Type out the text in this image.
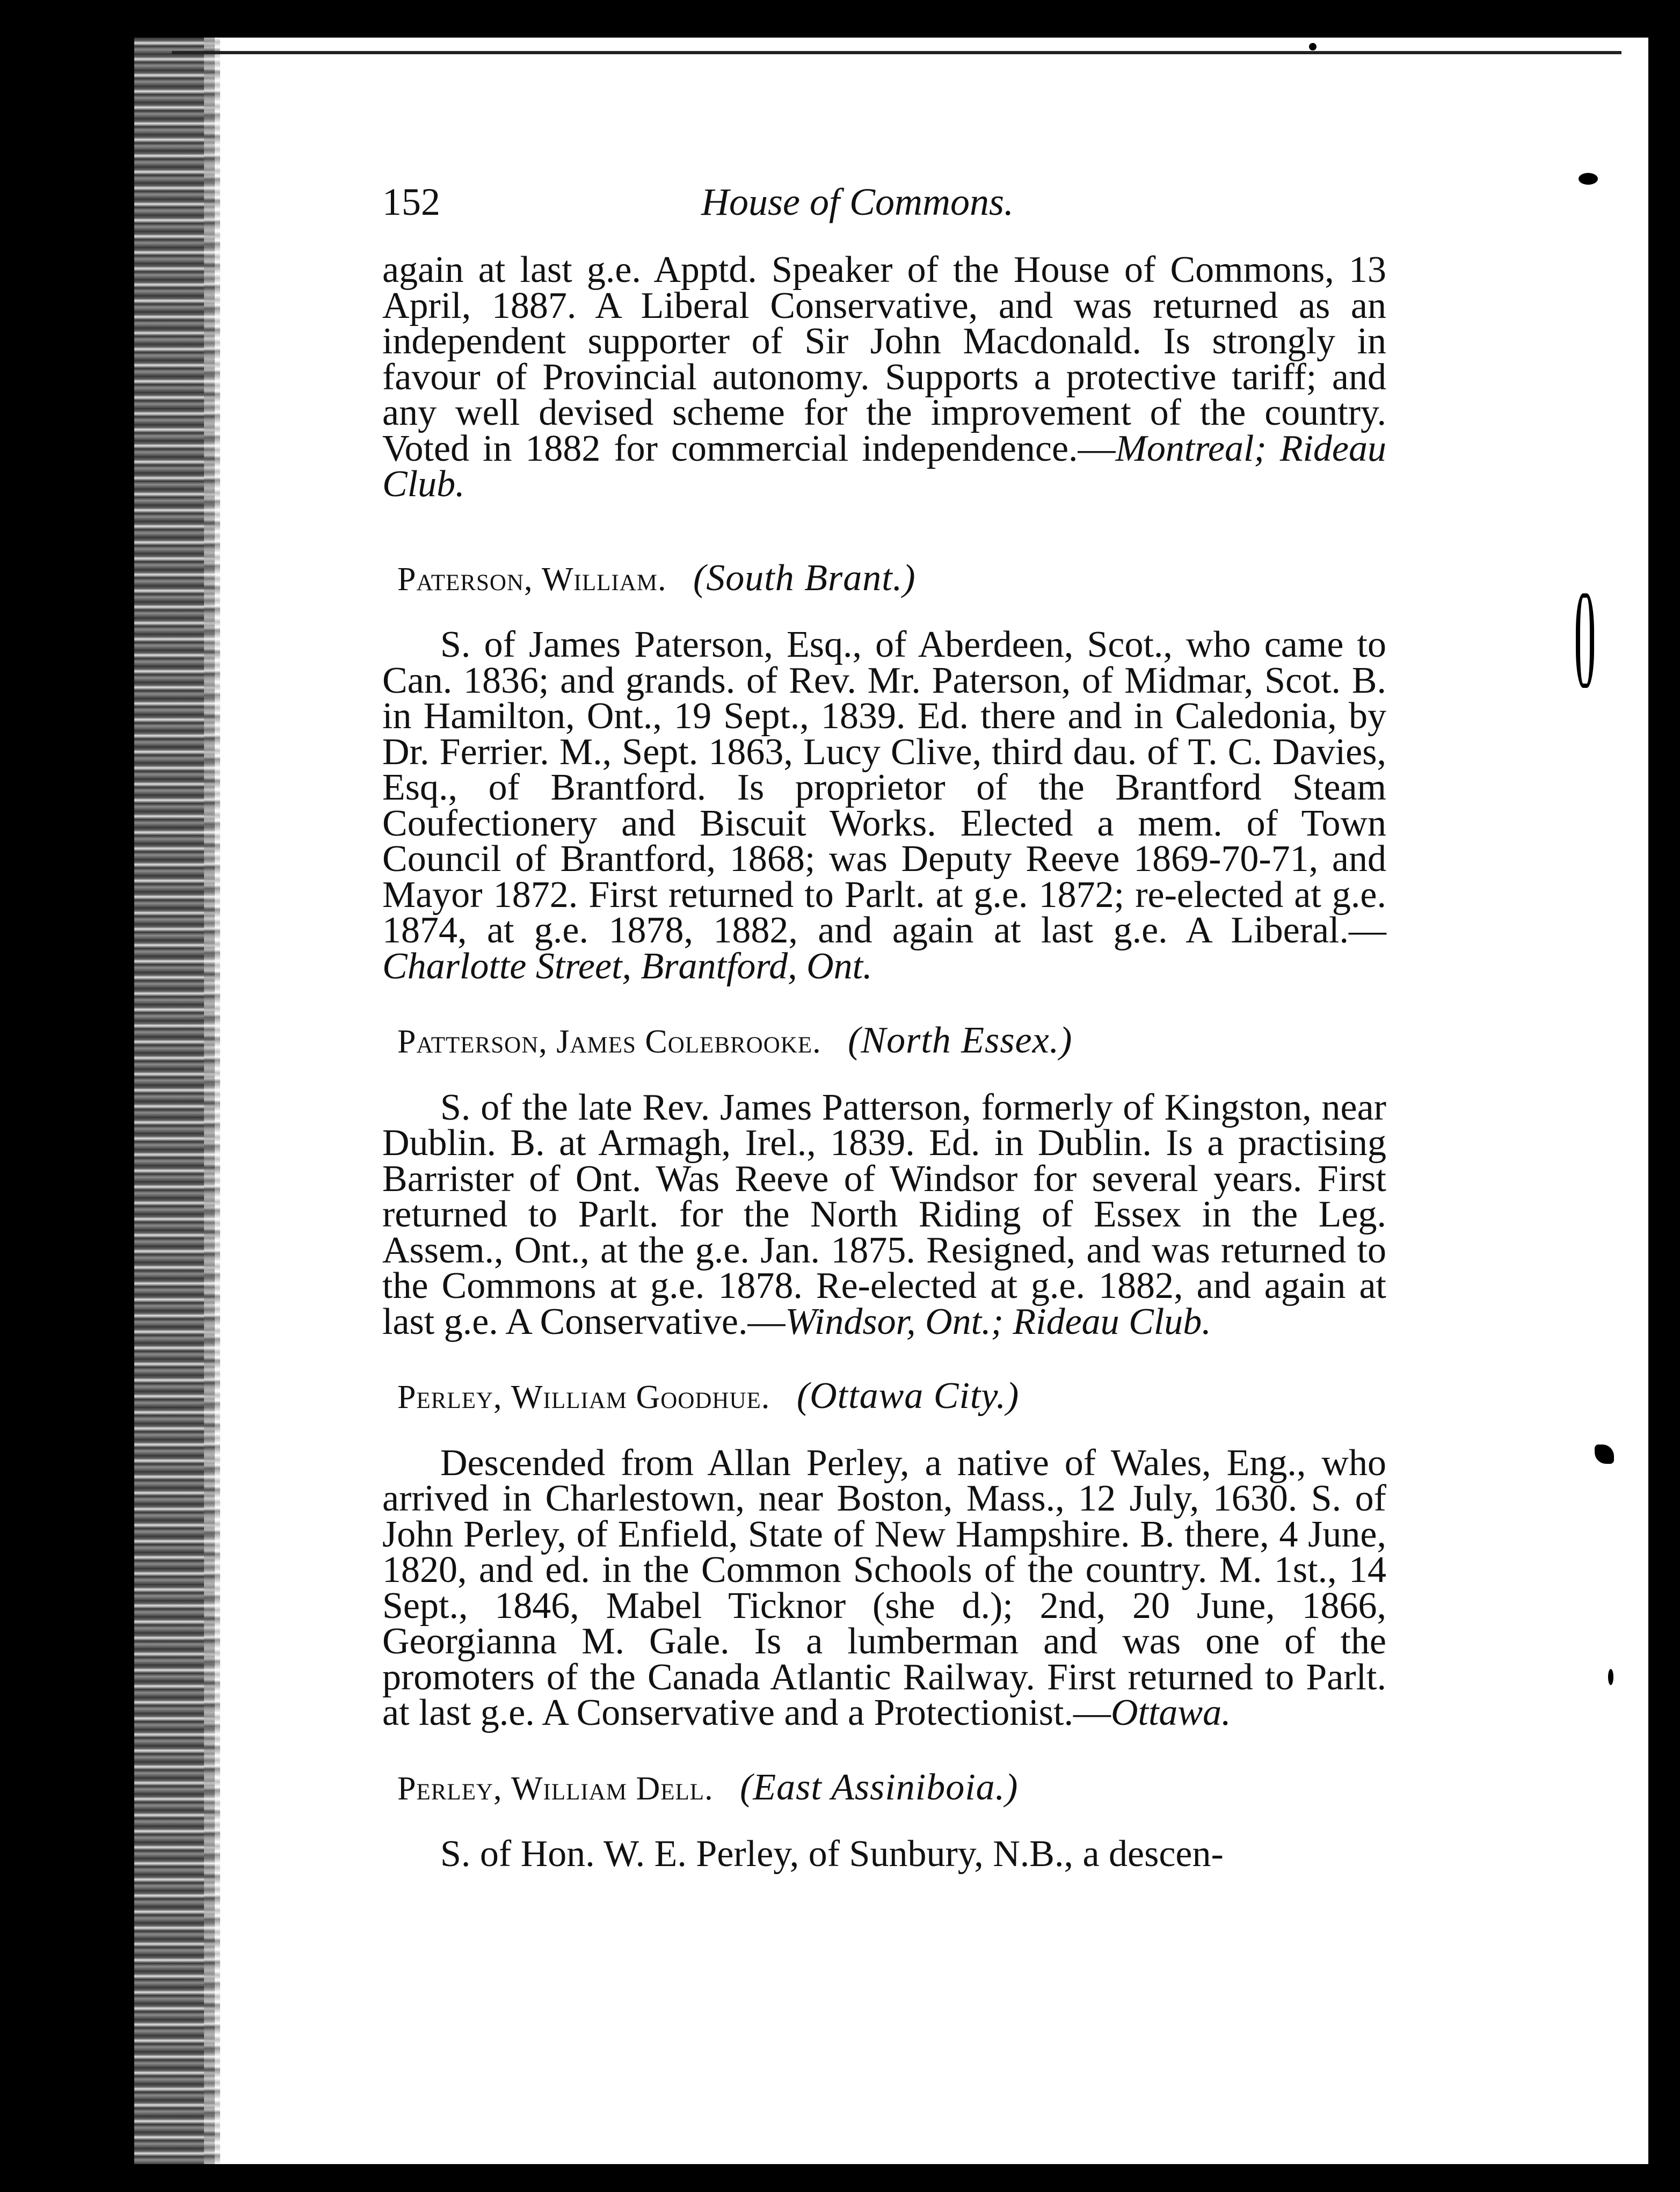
152	House of Commons.

again at last g.e. Apptd. Speaker of the House of Commons, 13 April, 1887. A Liberal Conservative, and was returned as an independent supporter of Sir John Macdonald. Is strongly in favour of Provincial autonomy. Supports a protective tariff; and any well devised scheme for the improvement of the country. Voted in 1882 for commercial independence.—Montreal; Rideau Club.

Paterson, William. (South Brant.)

S. of James Paterson, Esq., of Aberdeen, Scot., who came to Can. 1836; and grands. of Rev. Mr. Paterson, of Midmar, Scot. B. in Hamilton, Ont., 19 Sept., 1839. Ed. there and in Caledonia, by Dr. Ferrier. M., Sept. 1863, Lucy Clive, third dau. of T. C. Davies, Esq., of Brantford. Is proprietor of the Brantford Steam Coufectionery and Biscuit Works. Elected a mem. of Town Council of Brantford, 1868; was Deputy Reeve 1869-70-71, and Mayor 1872. First returned to Parlt. at g.e. 1872; re-elected at g.e. 1874, at g.e. 1878, 1882, and again at last g.e. A Liberal.—Charlotte Street, Brantford, Ont.

Patterson, James Colebrooke. (North Essex.)

S. of the late Rev. James Patterson, formerly of Kingston, near Dublin. B. at Armagh, Irel., 1839. Ed. in Dublin. Is a practising Barrister of Ont. Was Reeve of Windsor for several years. First returned to Parlt. for the North Riding of Essex in the Leg. Assem., Ont., at the g.e. Jan. 1875. Resigned, and was returned to the Commons at g.e. 1878. Re-elected at g.e. 1882, and again at last g.e. A Conservative.—Windsor, Ont.; Rideau Club.

Perley, William Goodhue. (Ottawa City.)

Descended from Allan Perley, a native of Wales, Eng., who arrived in Charlestown, near Boston, Mass., 12 July, 1630. S. of John Perley, of Enfield, State of New Hampshire. B. there, 4 June, 1820, and ed. in the Common Schools of the country. M. 1st., 14 Sept., 1846, Mabel Ticknor (she d.); 2nd, 20 June, 1866, Georgianna M. Gale. Is a lumberman and was one of the promoters of the Canada Atlantic Railway. First returned to Parlt. at last g.e. A Conservative and a Protectionist.—Ottawa.

Perley, William Dell. (East Assiniboia.)

S. of Hon. W. E. Perley, of Sunbury, N.B., a descen-
